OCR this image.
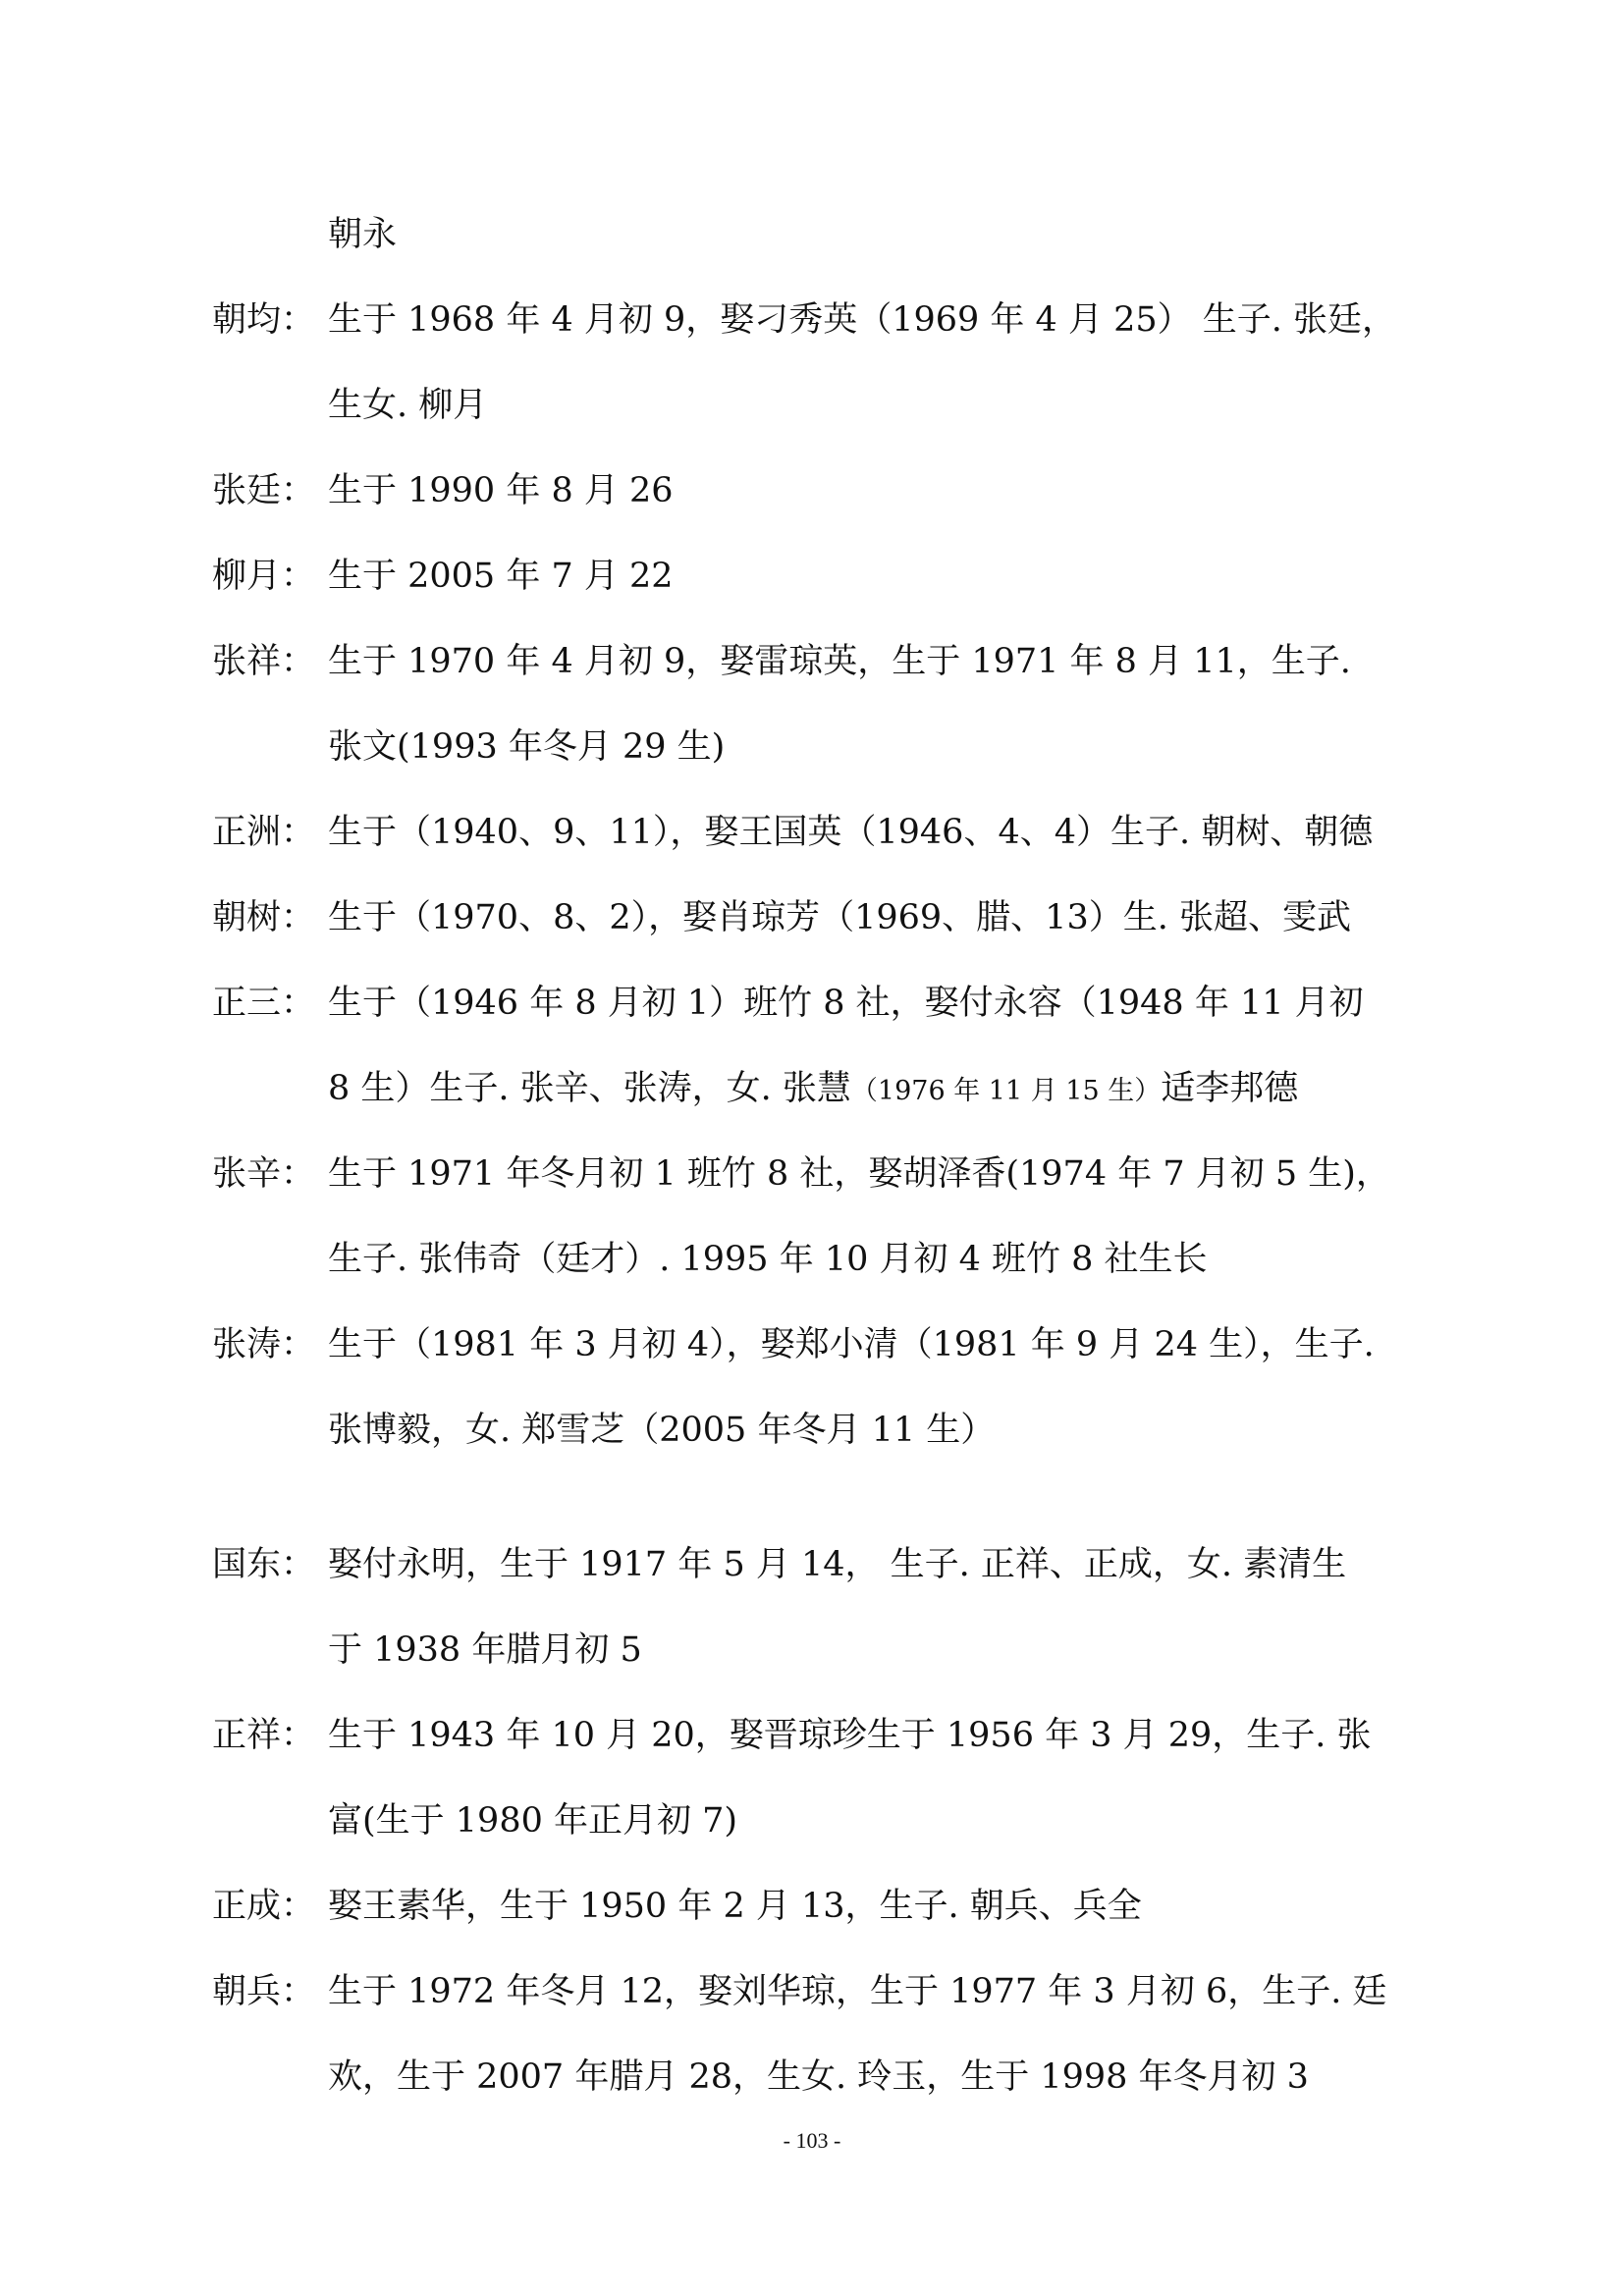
朝永
朝均： 生于 1968 年 4 月初 9，娶刁秀英（1969 年 4 月 25） 生子. 张廷，
生女. 柳月
张廷： 生于 1990 年 8 月 26
柳月： 生于 2005 年 7 月 22
张祥： 生于 1970 年 4 月初 9，娶雷琼英，生于 1971 年 8 月 11，生子.
张文(1993 年冬月 29 生)
正洲： 生于（1940、9、11），娶王国英（1946、4、4）生子. 朝树、朝德
朝树： 生于（1970、8、2），娶肖琼芳（1969、腊、13）生. 张超、雯武
正三： 生于（1946 年 8 月初 1）班竹 8 社，娶付永容（1948 年 11 月初
8 生）生子. 张辛、张涛，女. 张慧（1976 年 11 月 15 生）适李邦德
张辛： 生于 1971 年冬月初 1 班竹 8 社，娶胡泽香(1974 年 7 月初 5 生)，
生子. 张伟奇（廷才）. 1995 年 10 月初 4 班竹 8 社生长
张涛： 生于（1981 年 3 月初 4），娶郑小清（1981 年 9 月 24 生），生子.
张博毅，女. 郑雪芝（2005 年冬月 11 生）
国东： 娶付永明，生于 1917 年 5 月 14， 生子. 正祥、正成，女. 素清生
于 1938 年腊月初 5
正祥： 生于 1943 年 10 月 20，娶晋琼珍生于 1956 年 3 月 29，生子. 张
富(生于 1980 年正月初 7)
正成： 娶王素华，生于 1950 年 2 月 13，生子. 朝兵、兵全
朝兵： 生于 1972 年冬月 12，娶刘华琼，生于 1977 年 3 月初 6，生子. 廷
欢，生于 2007 年腊月 28，生女. 玲玉，生于 1998 年冬月初 3
- 103 -
